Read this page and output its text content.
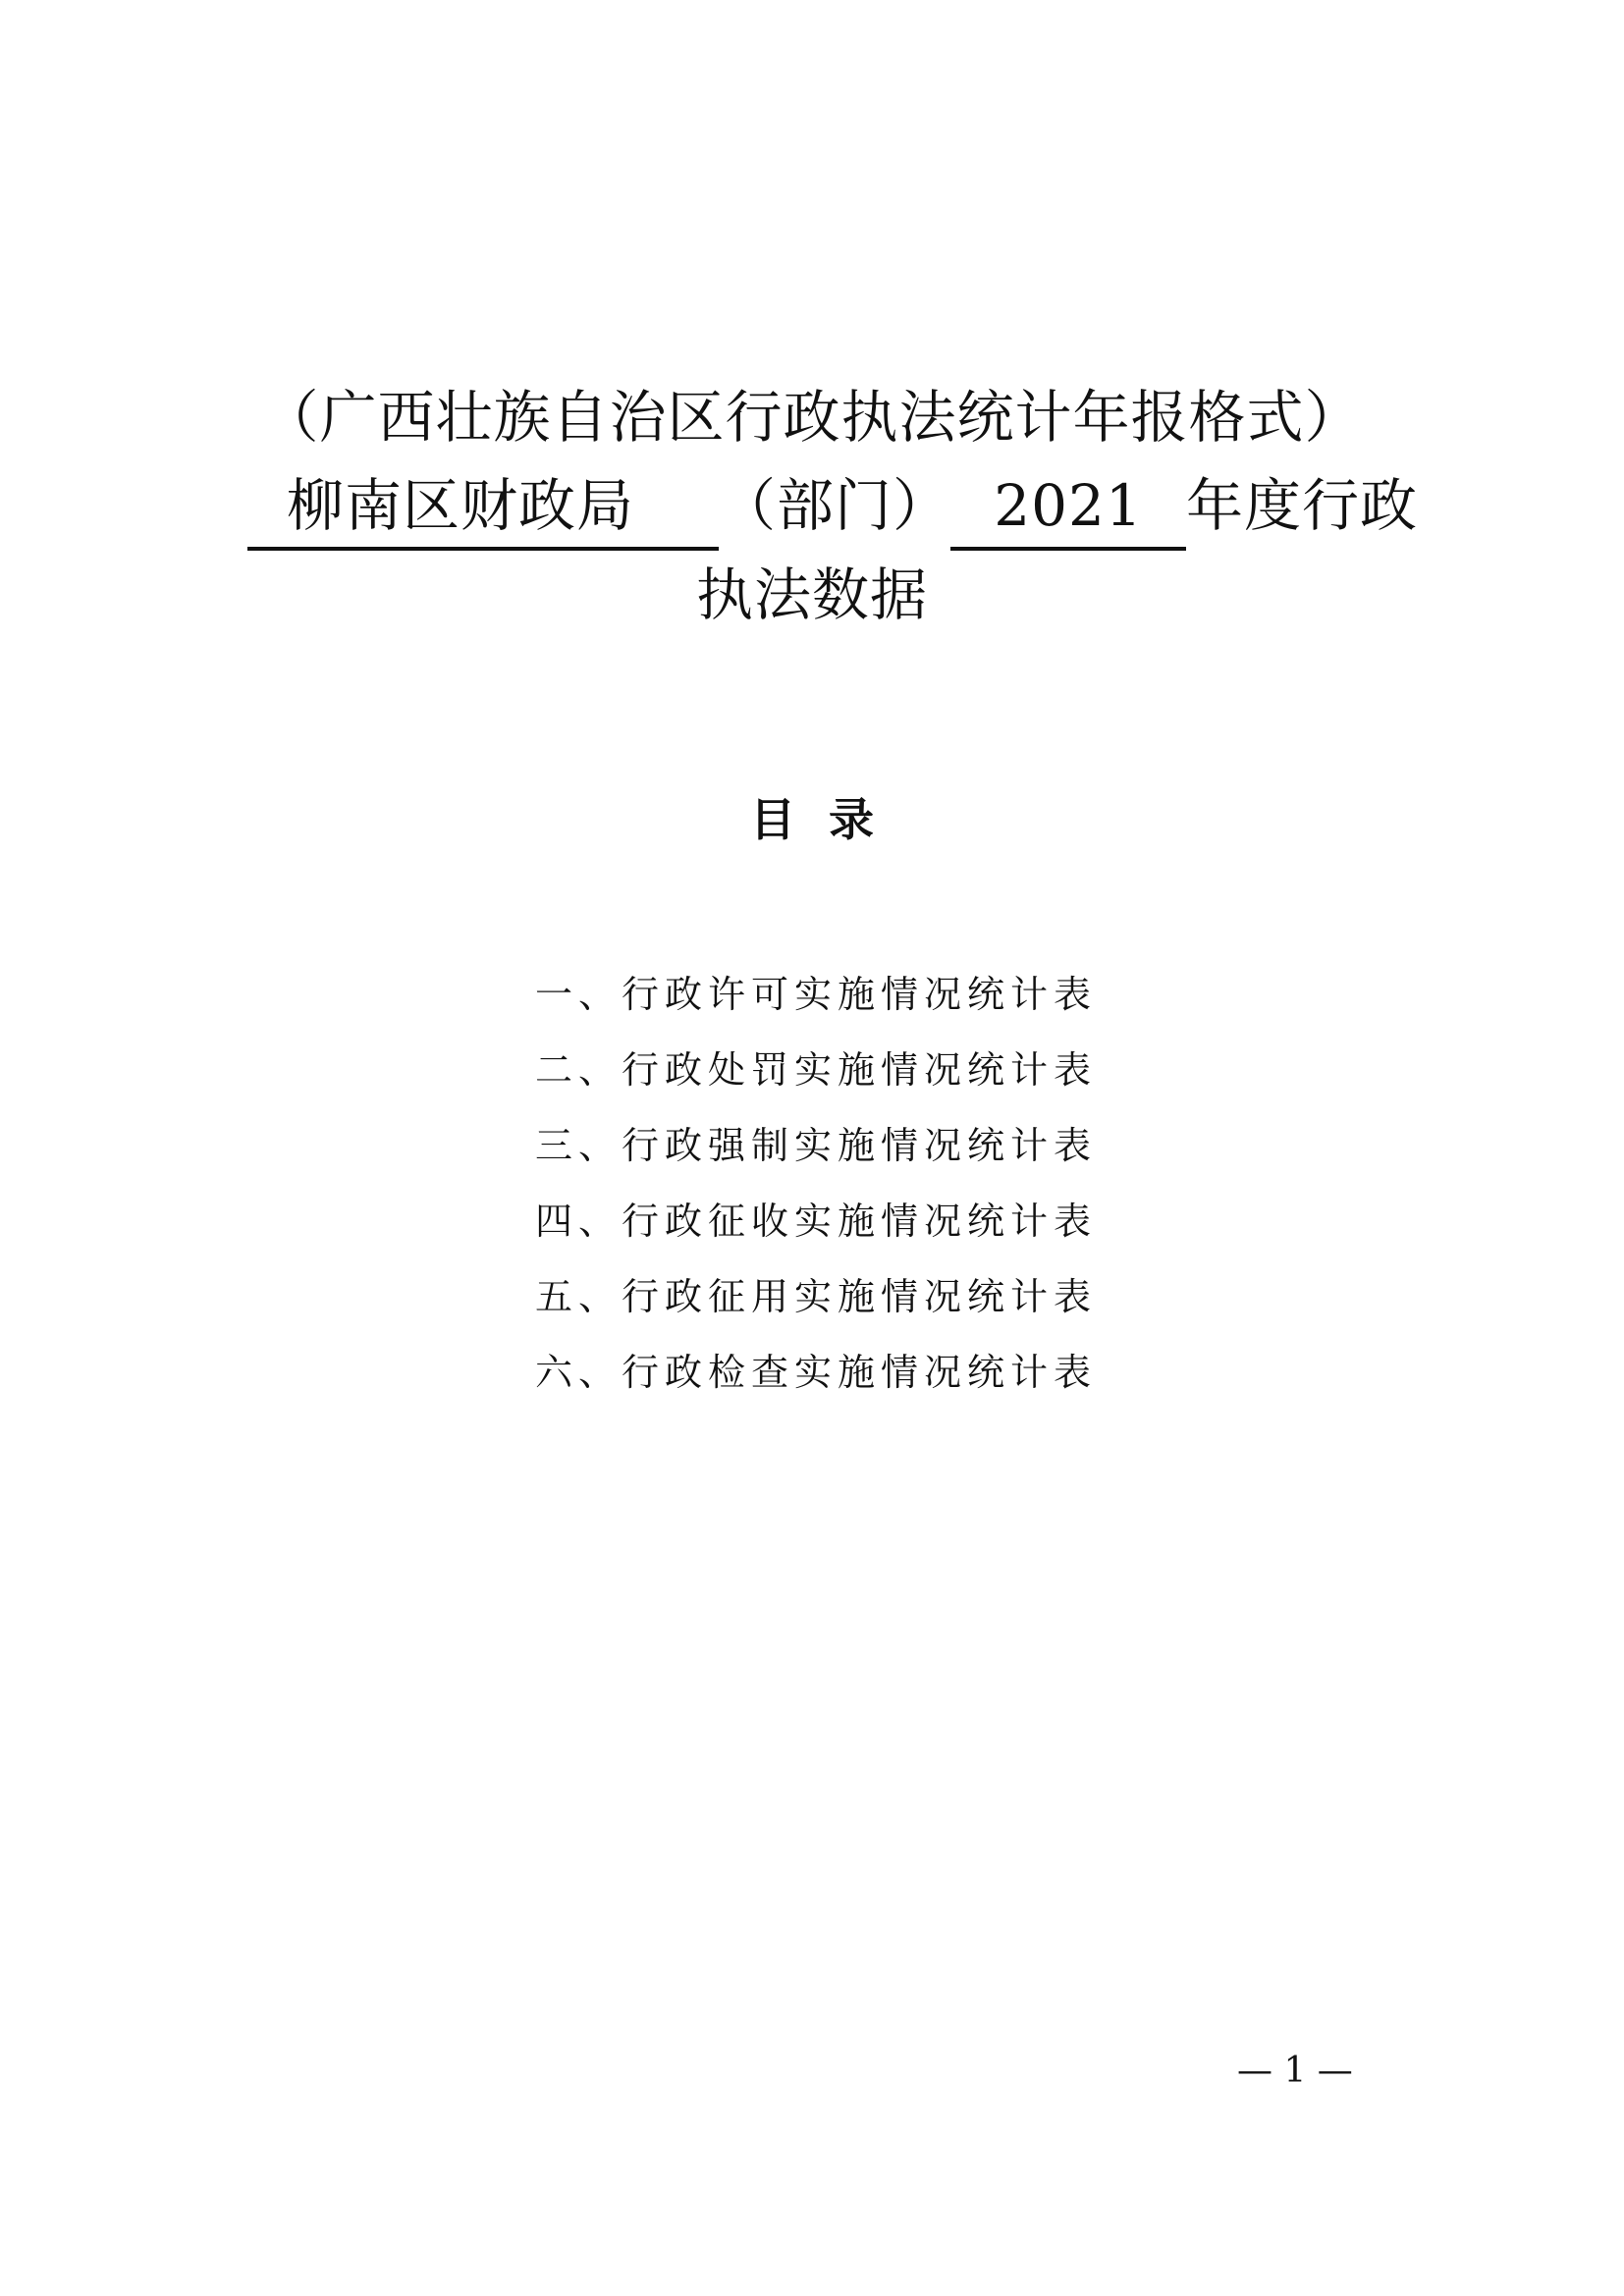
（广西壮族自治区行政执法统计年报格式）
柳南区财政局 （部门） 2021 年度行政
执法数据
目录
一、行政许可实施情况统计表
二、行政处罚实施情况统计表
三、行政强制实施情况统计表
四、行政征收实施情况统计表
五、行政征用实施情况统计表
六、行政检查实施情况统计表
— 1 —
